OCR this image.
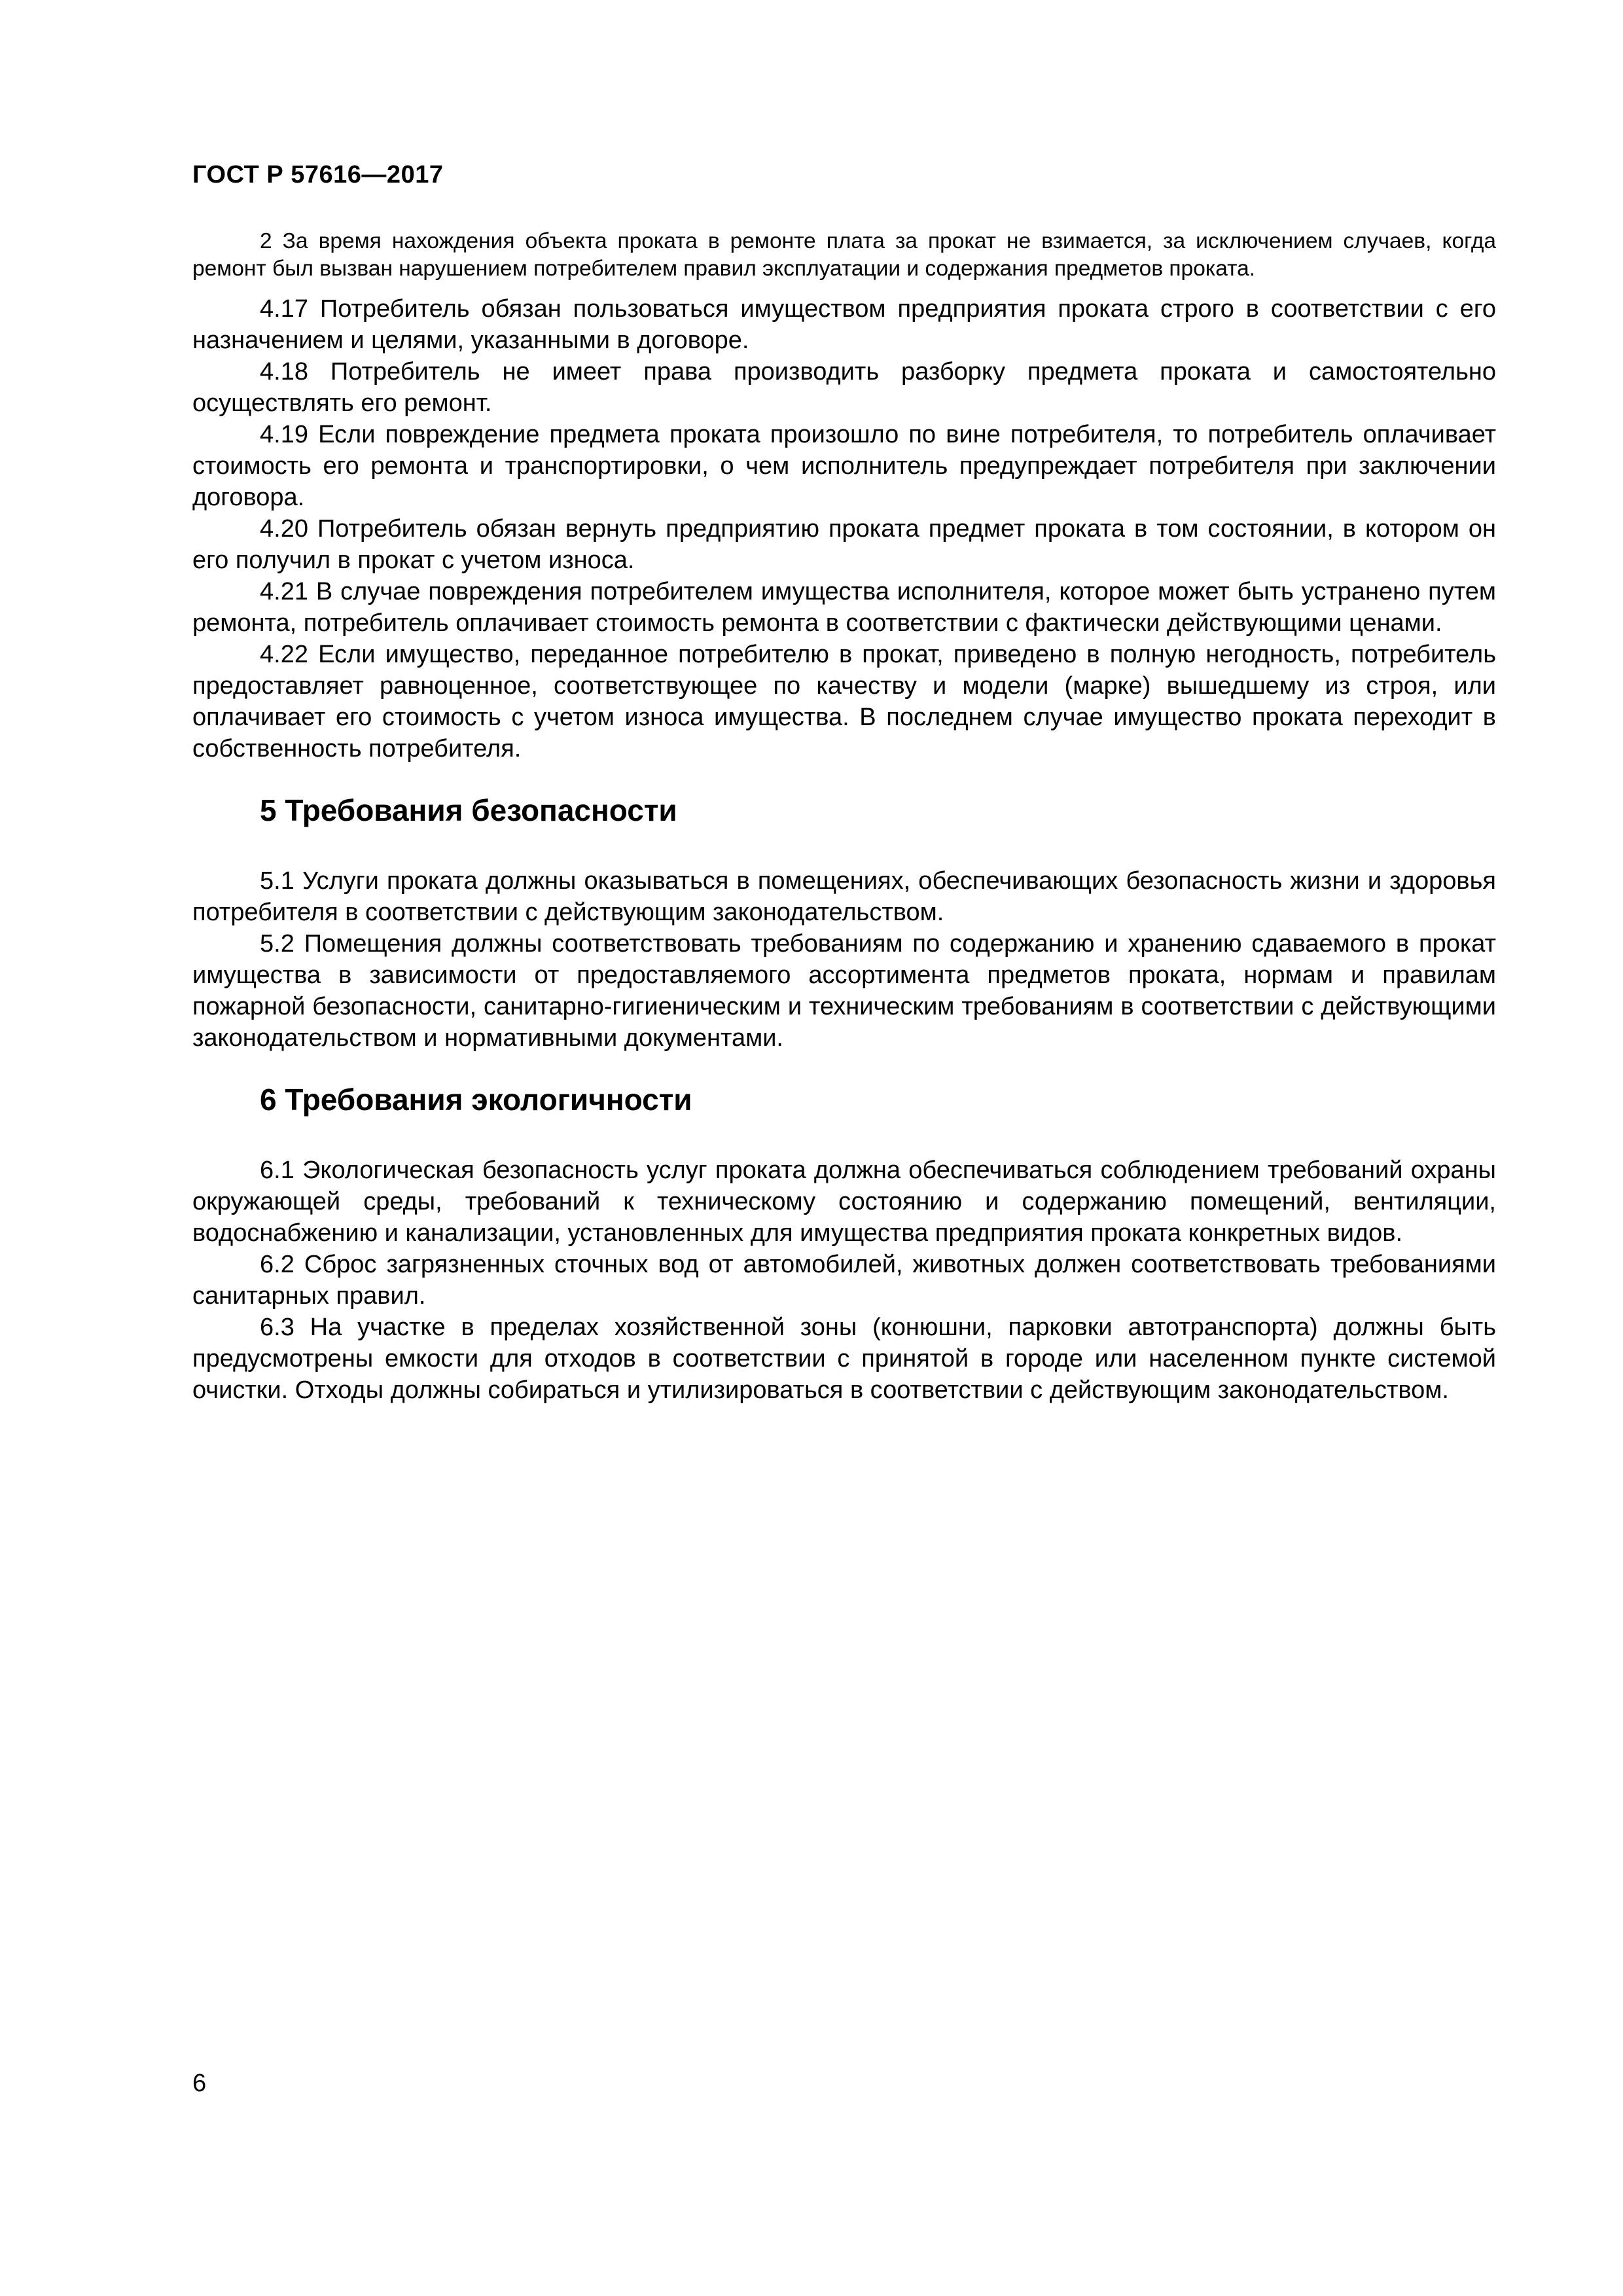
ГОСТ Р 57616—2017

2 За время нахождения объекта проката в ремонте плата за прокат не взимается, за исключением случаев, когда ремонт был вызван нарушением потребителем правил эксплуатации и содержания предметов проката.

4.17 Потребитель обязан пользоваться имуществом предприятия проката строго в соответствии с его назначением и целями, указанными в договоре.

4.18 Потребитель не имеет права производить разборку предмета проката и самостоятельно осуществлять его ремонт.

4.19 Если повреждение предмета проката произошло по вине потребителя, то потребитель оплачивает стоимость его ремонта и транспортировки, о чем исполнитель предупреждает потребителя при заключении договора.

4.20 Потребитель обязан вернуть предприятию проката предмет проката в том состоянии, в котором он его получил в прокат с учетом износа.

4.21 В случае повреждения потребителем имущества исполнителя, которое может быть устранено путем ремонта, потребитель оплачивает стоимость ремонта в соответствии с фактически действующими ценами.

4.22 Если имущество, переданное потребителю в прокат, приведено в полную негодность, потребитель предоставляет равноценное, соответствующее по качеству и модели (марке) вышедшему из строя, или оплачивает его стоимость с учетом износа имущества. В последнем случае имущество проката переходит в собственность потребителя.

5 Требования безопасности

5.1 Услуги проката должны оказываться в помещениях, обеспечивающих безопасность жизни и здоровья потребителя в соответствии с действующим законодательством.

5.2 Помещения должны соответствовать требованиям по содержанию и хранению сдаваемого в прокат имущества в зависимости от предоставляемого ассортимента предметов проката, нормам и правилам пожарной безопасности, санитарно-гигиеническим и техническим требованиям в соответствии с действующими законодательством и нормативными документами.

6 Требования экологичности

6.1 Экологическая безопасность услуг проката должна обеспечиваться соблюдением требований охраны окружающей среды, требований к техническому состоянию и содержанию помещений, вентиляции, водоснабжению и канализации, установленных для имущества предприятия проката конкретных видов.

6.2 Сброс загрязненных сточных вод от автомобилей, животных должен соответствовать требованиями санитарных правил.

6.3 На участке в пределах хозяйственной зоны (конюшни, парковки автотранспорта) должны быть предусмотрены емкости для отходов в соответствии с принятой в городе или населенном пункте системой очистки. Отходы должны собираться и утилизироваться в соответствии с действующим законодательством.

6
